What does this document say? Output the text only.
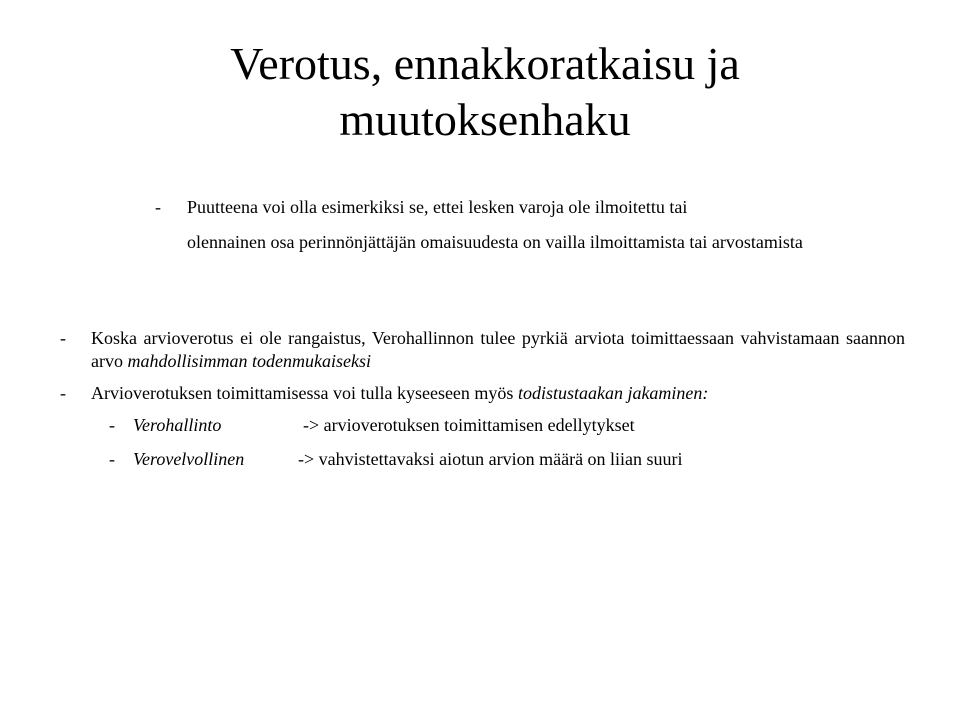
Verotus, ennakkoratkaisu ja
muutoksenhaku
- Puutteena voi olla esimerkiksi se, ettei lesken varoja ole ilmoitettu tai
olennainen osa perinnönjättäjän omaisuudesta on vailla ilmoittamista tai arvostamista
-	Koska arvioverotus ei ole rangaistus, Verohallinnon tulee pyrkiä arviota toimittaessaan vahvistamaan saannon arvo mahdollisimman todenmukaiseksi
-	Arvioverotuksen toimittamisessa voi tulla kyseeseen myös todistustaakan jakaminen:
-	Verohallinto	-> arvioverotuksen toimittamisen edellytykset
-	Verovelvollinen	-> vahvistettavaksi aiotun arvion määrä on liian suuri
